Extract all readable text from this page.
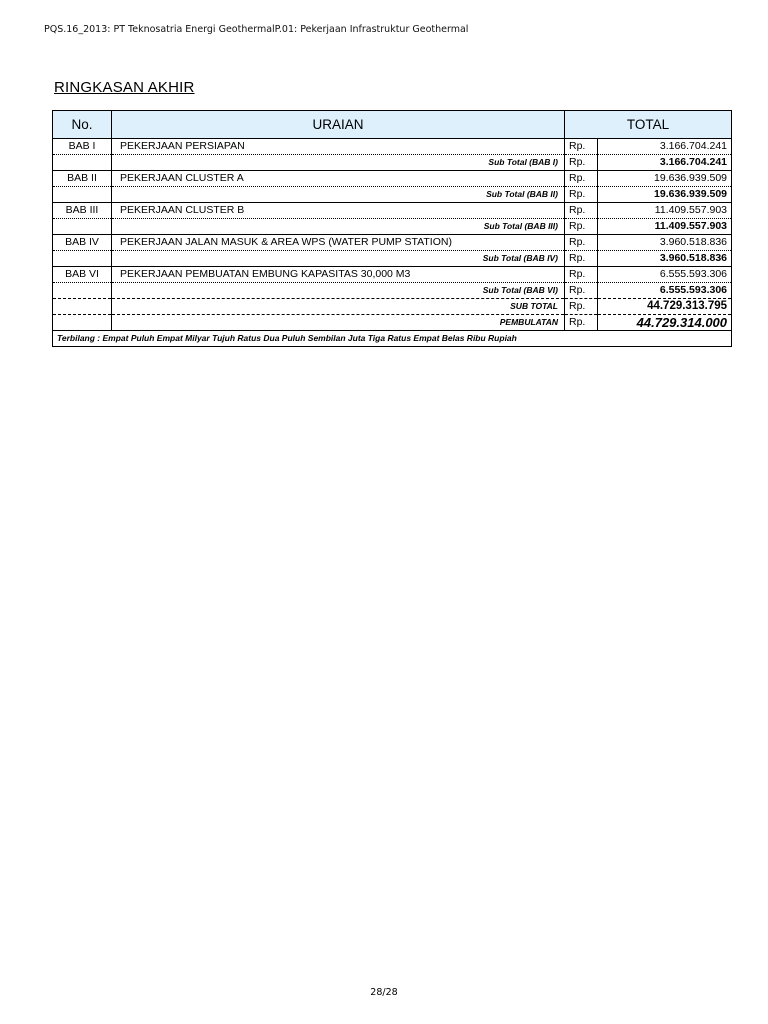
PQS.16_2013: PT Teknosatria Energi GeothermalP.01: Pekerjaan Infrastruktur Geothermal
RINGKASAN AKHIR
No.	URAIAN	TOTAL	
BAB I	PEKERJAAN PERSIAPAN	Rp.	3.166.704.241
	Sub Total (BAB I)	Rp.	3.166.704.241
BAB II	PEKERJAAN CLUSTER A	Rp.	19.636.939.509
	Sub Total (BAB II)	Rp.	19.636.939.509
BAB III	PEKERJAAN CLUSTER B	Rp.	11.409.557.903
	Sub Total (BAB III)	Rp.	11.409.557.903
BAB IV	PEKERJAAN JALAN MASUK & AREA WPS (WATER PUMP STATION)	Rp.	3.960.518.836
	Sub Total (BAB IV)	Rp.	3.960.518.836
BAB VI	PEKERJAAN PEMBUATAN EMBUNG KAPASITAS 30,000 M3	Rp.	6.555.593.306
	Sub Total (BAB VI)	Rp.	6.555.593.306
	SUB TOTAL	Rp.	44.729.313.795
	PEMBULATAN	Rp.	44.729.314.000
Terbilang : Empat Puluh Empat Milyar Tujuh Ratus Dua Puluh Sembilan Juta Tiga Ratus Empat Belas Ribu Rupiah			
28/28
